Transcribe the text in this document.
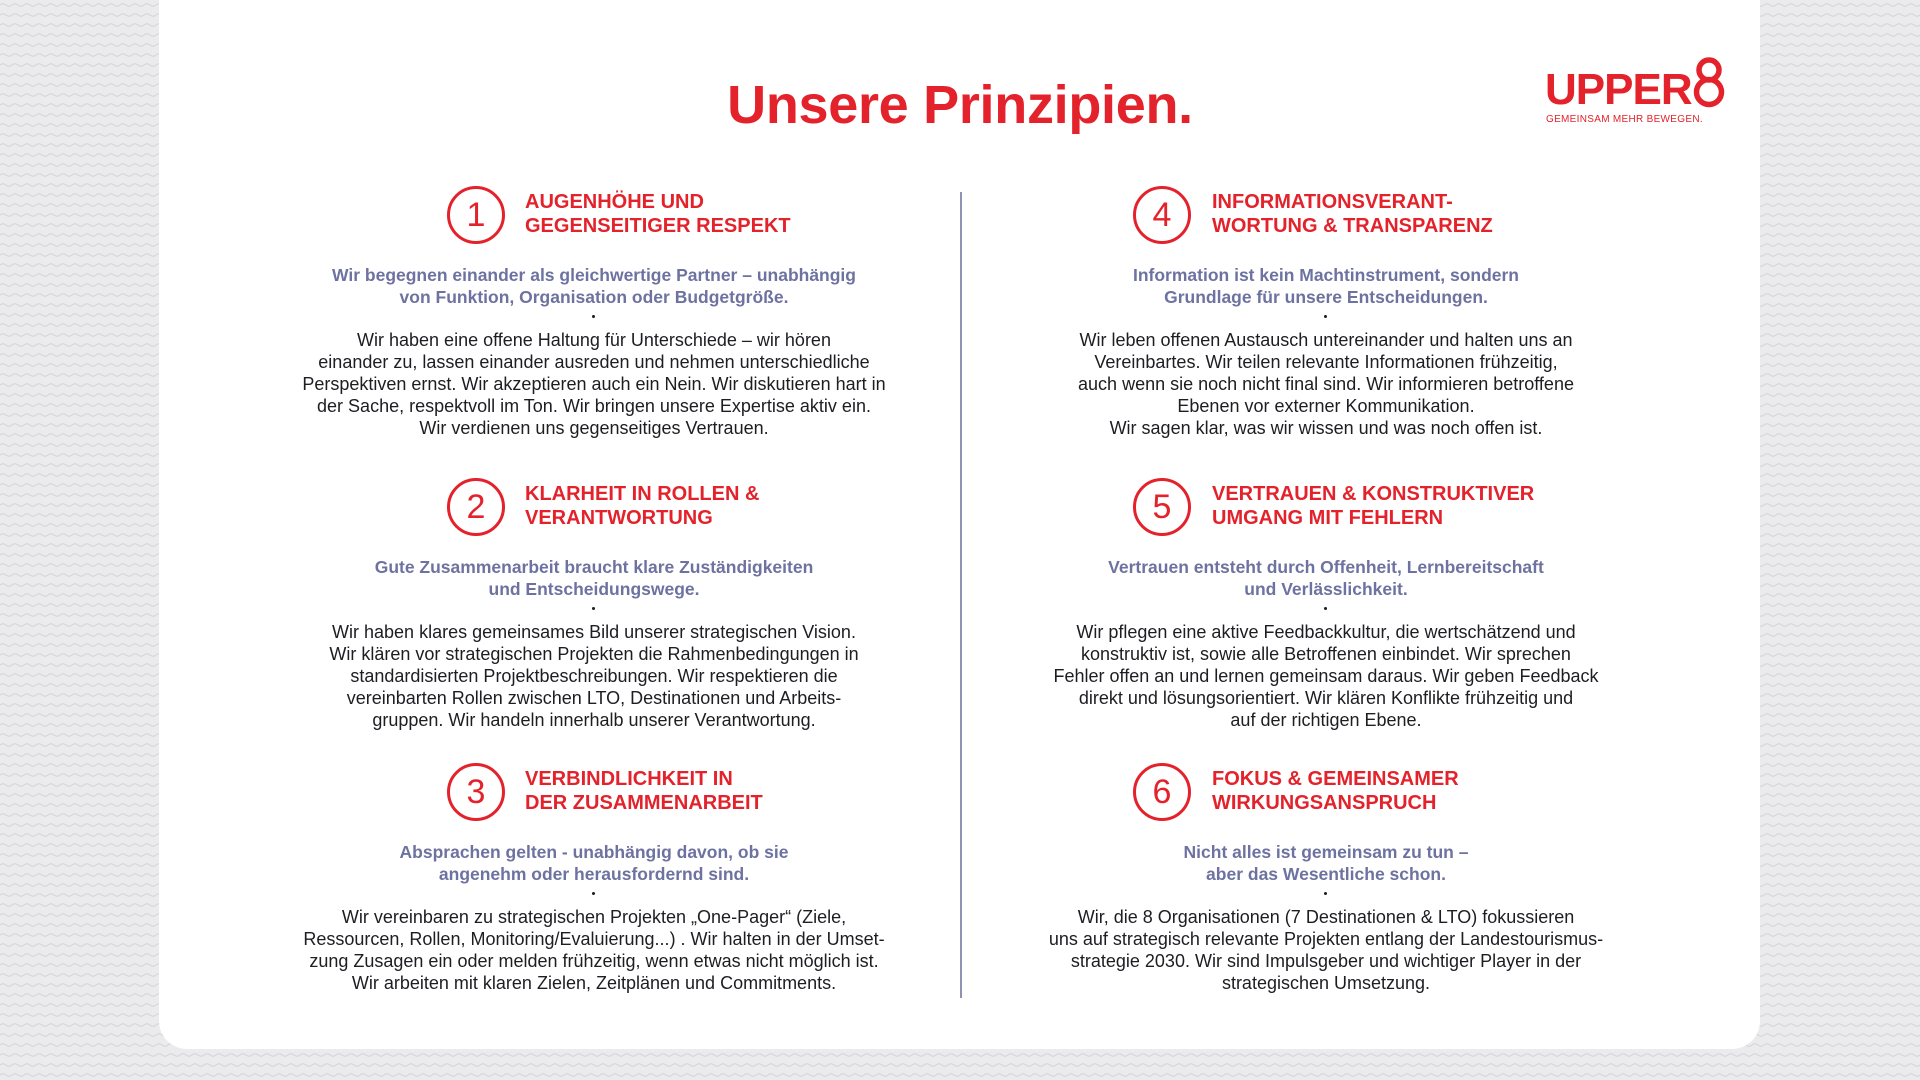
Unsere Prinzipien.	UPPER
GEMEINSAM MEHR BEWEGEN.
1	AUGENHÖHE UND
GEGENSEITIGER RESPEKT
Wir begegnen einander als gleichwertige Partner – unabhängig
von Funktion, Organisation oder Budgetgröße.
Wir haben eine offene Haltung für Unterschiede – wir hören
einander zu, lassen einander ausreden und nehmen unterschiedliche
Perspektiven ernst. Wir akzeptieren auch ein Nein. Wir diskutieren hart in
der Sache, respektvoll im Ton. Wir bringen unsere Expertise aktiv ein.
Wir verdienen uns gegenseitiges Vertrauen.
2	KLARHEIT IN ROLLEN &
VERANTWORTUNG
Gute Zusammenarbeit braucht klare Zuständigkeiten
und Entscheidungswege.
Wir haben klares gemeinsames Bild unserer strategischen Vision.
Wir klären vor strategischen Projekten die Rahmenbedingungen in
standardisierten Projektbeschreibungen. Wir respektieren die
vereinbarten Rollen zwischen LTO, Destinationen und Arbeits-
gruppen. Wir handeln innerhalb unserer Verantwortung.
3	VERBINDLICHKEIT IN
DER ZUSAMMENARBEIT
Absprachen gelten - unabhängig davon, ob sie
angenehm oder herausfordernd sind.
Wir vereinbaren zu strategischen Projekten „One-Pager“ (Ziele,
Ressourcen, Rollen, Monitoring/Evaluierung...) . Wir halten in der Umset-
zung Zusagen ein oder melden frühzeitig, wenn etwas nicht möglich ist.
Wir arbeiten mit klaren Zielen, Zeitplänen und Commitments.
4	INFORMATIONSVERANT-
WORTUNG & TRANSPARENZ
Information ist kein Machtinstrument, sondern
Grundlage für unsere Entscheidungen.
Wir leben offenen Austausch untereinander und halten uns an
Vereinbartes. Wir teilen relevante Informationen frühzeitig,
auch wenn sie noch nicht final sind. Wir informieren betroffene
Ebenen vor externer Kommunikation.
Wir sagen klar, was wir wissen und was noch offen ist.
5	VERTRAUEN & KONSTRUKTIVER
UMGANG MIT FEHLERN
Vertrauen entsteht durch Offenheit, Lernbereitschaft
und Verlässlichkeit.
Wir pflegen eine aktive Feedbackkultur, die wertschätzend und
konstruktiv ist, sowie alle Betroffenen einbindet. Wir sprechen
Fehler offen an und lernen gemeinsam daraus. Wir geben Feedback
direkt und lösungsorientiert. Wir klären Konflikte frühzeitig und
auf der richtigen Ebene.
6	FOKUS & GEMEINSAMER
WIRKUNGSANSPRUCH
Nicht alles ist gemeinsam zu tun –
aber das Wesentliche schon.
Wir, die 8 Organisationen (7 Destinationen & LTO) fokussieren
uns auf strategisch relevante Projekten entlang der Landestourismus-
strategie 2030. Wir sind Impulsgeber und wichtiger Player in der
strategischen Umsetzung.
